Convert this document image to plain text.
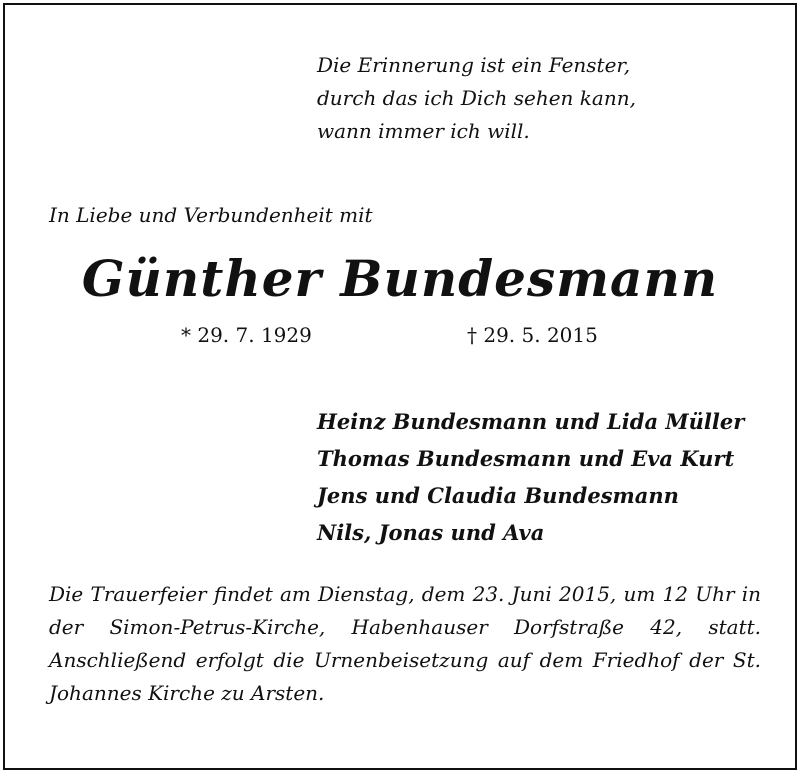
Die Erinnerung ist ein Fenster,
durch das ich Dich sehen kann,
wann immer ich will.
In Liebe und Verbundenheit mit
Günther Bundesmann
* 29. 7. 1929	† 29. 5. 2015
Heinz Bundesmann und Lida Müller
Thomas Bundesmann und Eva Kurt
Jens und Claudia Bundesmann
Nils, Jonas und Ava
Die Trauerfeier findet am Dienstag, dem 23. Juni 2015, um 12 Uhr in der Simon-Petrus-Kirche, Habenhauser Dorfstraße 42, statt. Anschließend erfolgt die Urnenbeisetzung auf dem Friedhof der St. Johannes Kirche zu Arsten.
